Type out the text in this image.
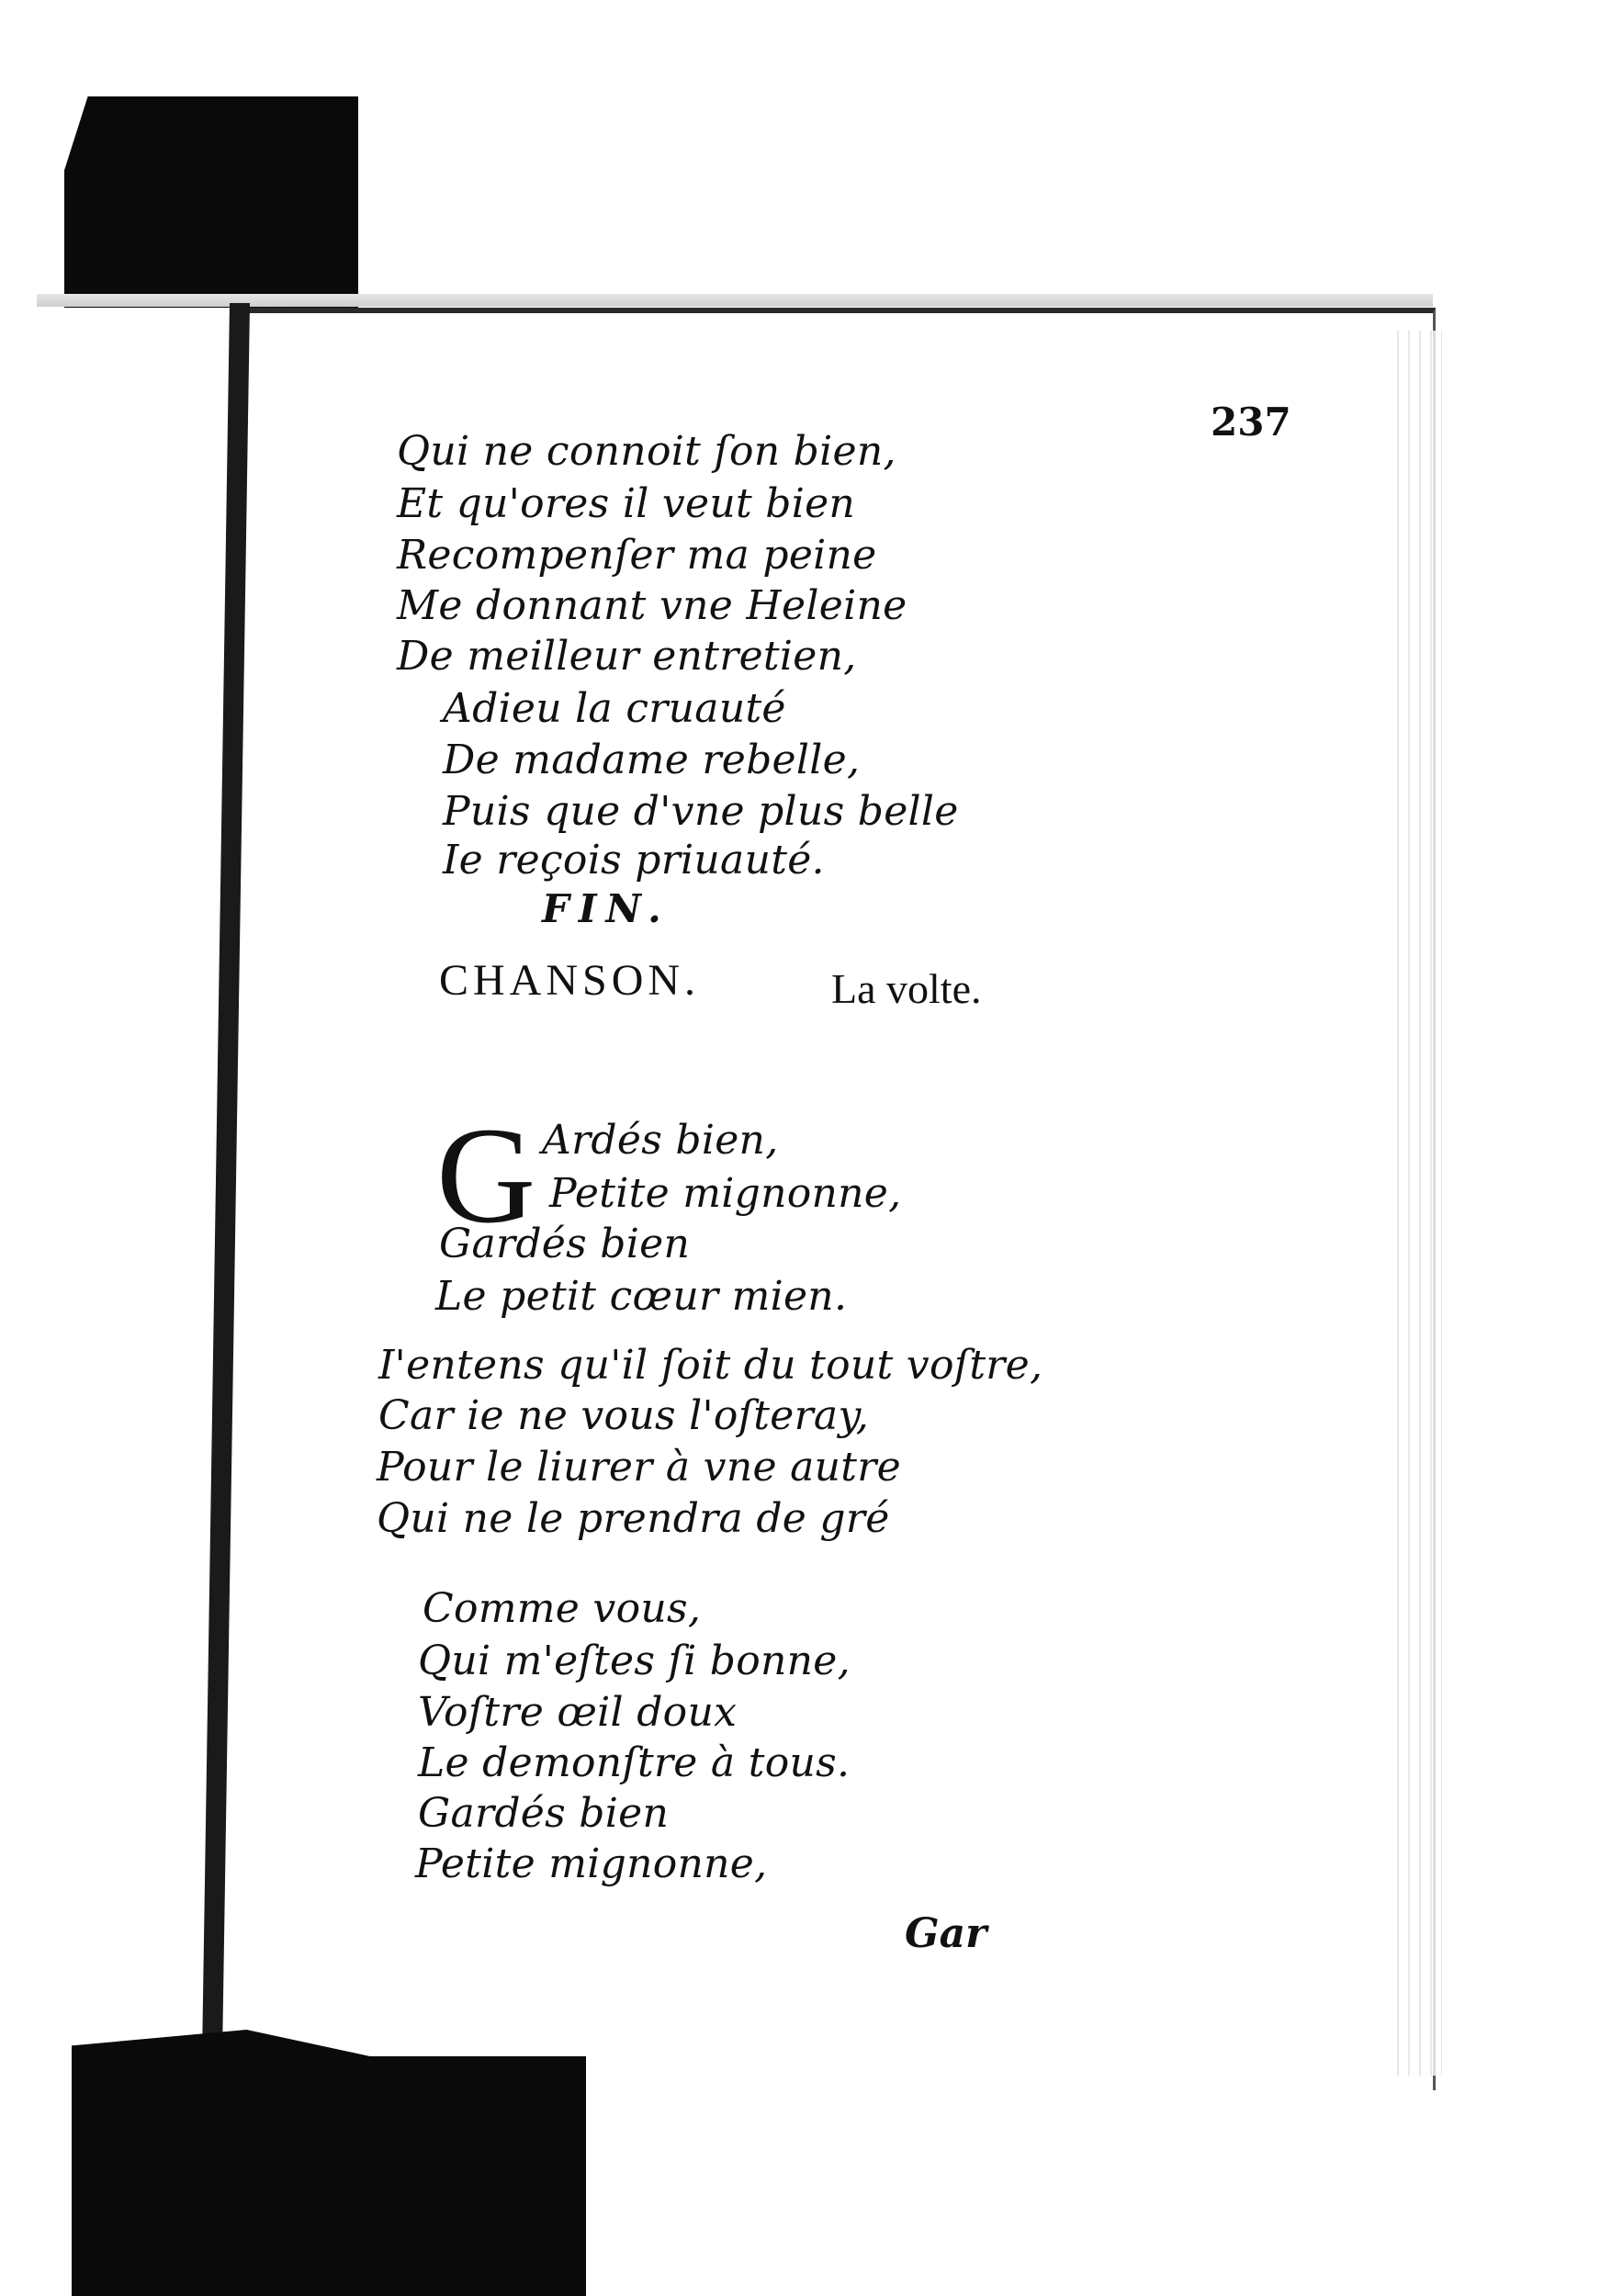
237
Qui ne connoit ſon bien,
Et qu'ores il veut bien
Recompenſer ma peine
Me donnant vne Heleine
De meilleur entretien,
Adieu la cruauté
De madame rebelle,
Puis que d'vne plus belle
Ie reçois priuauté.
FIN.
CHANSON.	La volte.
G Ardés bien,
Petite mignonne,
Gardés bien
Le petit cœur mien.
I'entens qu'il ſoit du tout voſtre,
Car ie ne vous l'oſteray,
Pour le liurer à vne autre
Qui ne le prendra de gré
Comme vous,
Qui m'eſtes ſi bonne,
Voſtre œil doux
Le demonſtre à tous.
Gardés bien
Petite mignonne,
Gar
